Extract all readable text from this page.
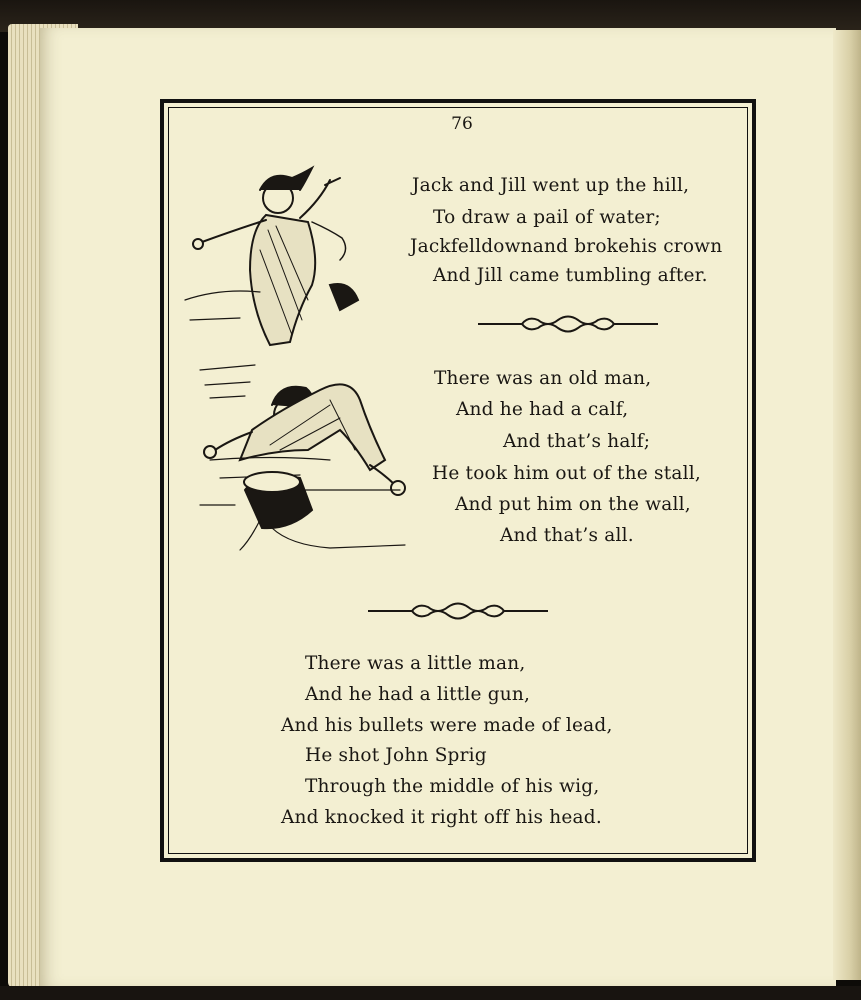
76
Jack and Jill went up the hill,
To draw a pail of water;
Jackfelldownand brokehis crown
And Jill came tumbling after.
There was an old man,
And he had a calf,
And that’s half;
He took him out of the stall,
And put him on the wall,
And that’s all.
There was a little man,
And he had a little gun,
And his bullets were made of lead,
He shot John Sprig
Through the middle of his wig,
And knocked it right off his head.
